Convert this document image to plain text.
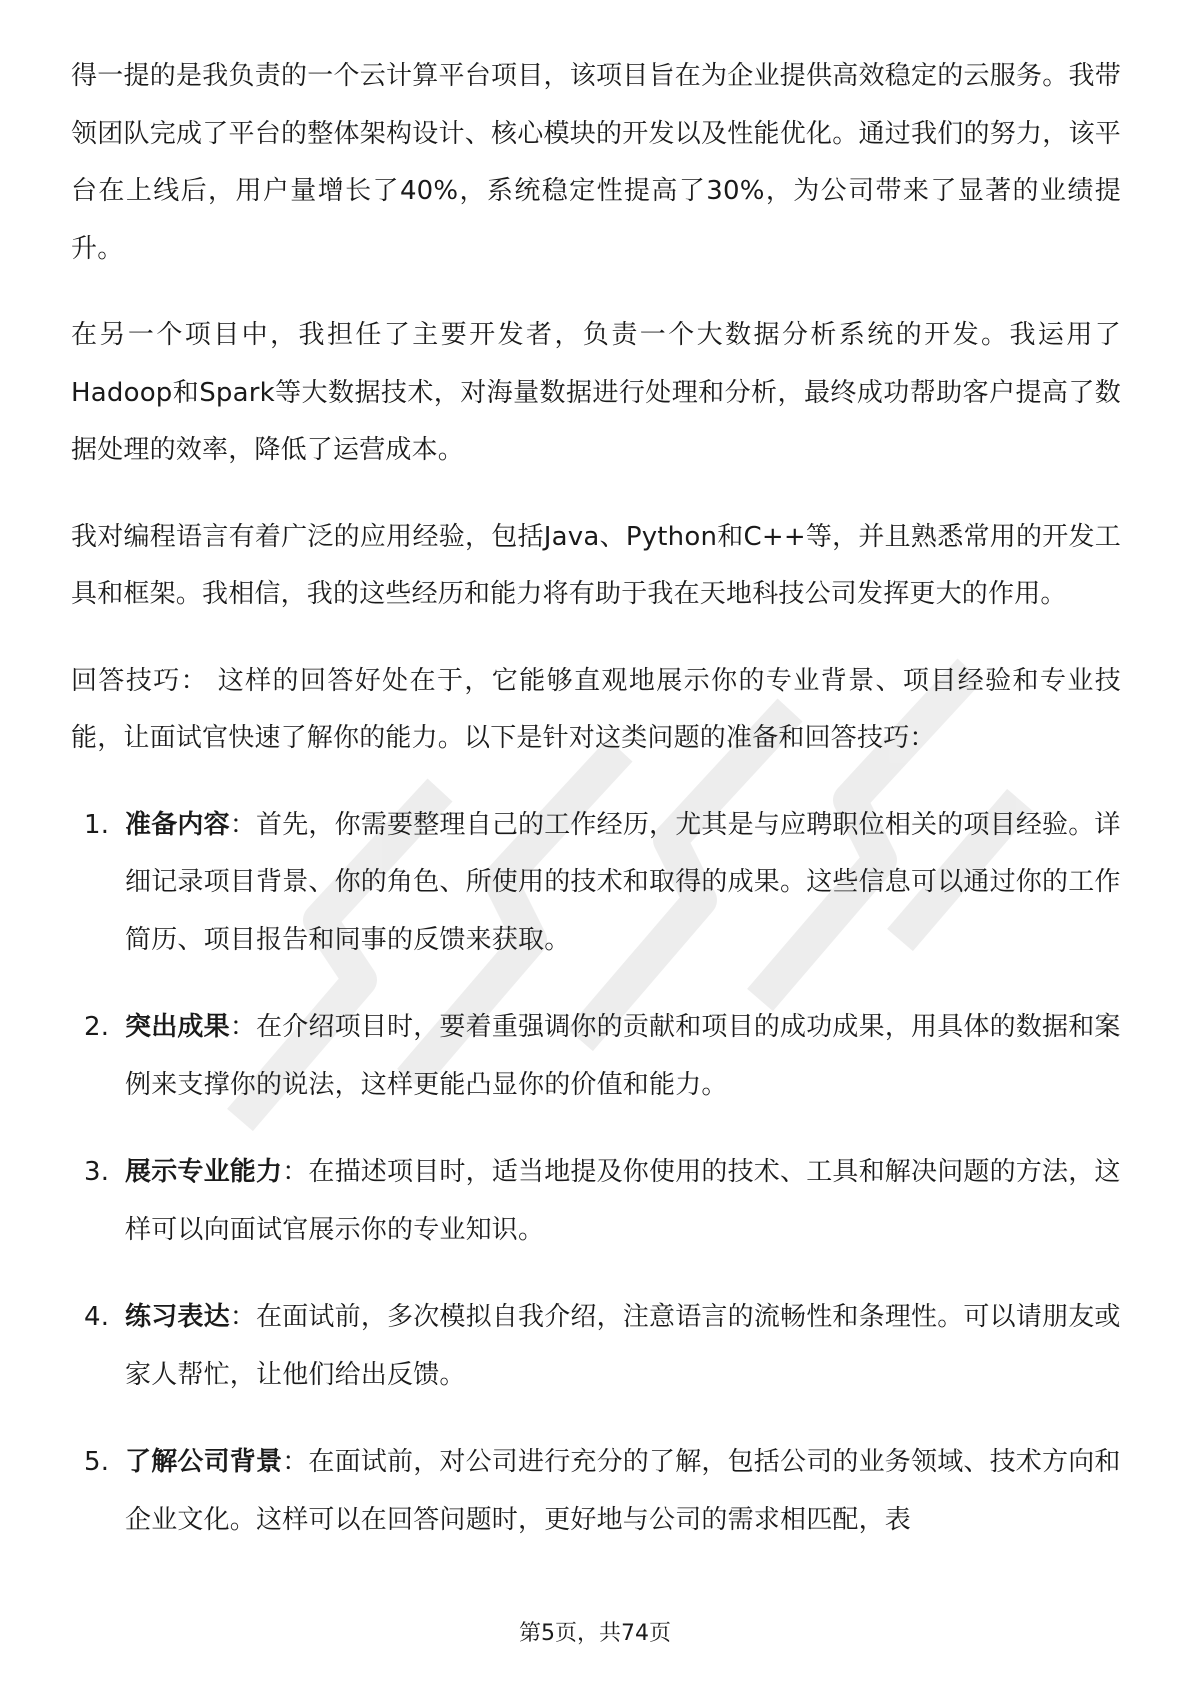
得一提的是我负责的一个云计算平台项目，该项目旨在为企业提供高效稳定的云服务。我带领团队完成了平台的整体架构设计、核心模块的开发以及性能优化。通过我们的努力，该平台在上线后，用户量增长了40%，系统稳定性提高了30%，为公司带来了显著的业绩提升。

在另一个项目中，我担任了主要开发者，负责一个大数据分析系统的开发。我运用了Hadoop和Spark等大数据技术，对海量数据进行处理和分析，最终成功帮助客户提高了数据处理的效率，降低了运营成本。

我对编程语言有着广泛的应用经验，包括Java、Python和C++等，并且熟悉常用的开发工具和框架。我相信，我的这些经历和能力将有助于我在天地科技公司发挥更大的作用。

回答技巧： 这样的回答好处在于，它能够直观地展示你的专业背景、项目经验和专业技能，让面试官快速了解你的能力。以下是针对这类问题的准备和回答技巧：

1. 准备内容：首先，你需要整理自己的工作经历，尤其是与应聘职位相关的项目经验。详细记录项目背景、你的角色、所使用的技术和取得的成果。这些信息可以通过你的工作简历、项目报告和同事的反馈来获取。
2. 突出成果：在介绍项目时，要着重强调你的贡献和项目的成功成果，用具体的数据和案例来支撑你的说法，这样更能凸显你的价值和能力。
3. 展示专业能力：在描述项目时，适当地提及你使用的技术、工具和解决问题的方法，这样可以向面试官展示你的专业知识。
4. 练习表达：在面试前，多次模拟自我介绍，注意语言的流畅性和条理性。可以请朋友或家人帮忙，让他们给出反馈。
5. 了解公司背景：在面试前，对公司进行充分的了解，包括公司的业务领域、技术方向和企业文化。这样可以在回答问题时，更好地与公司的需求相匹配，表
第5页，共74页
